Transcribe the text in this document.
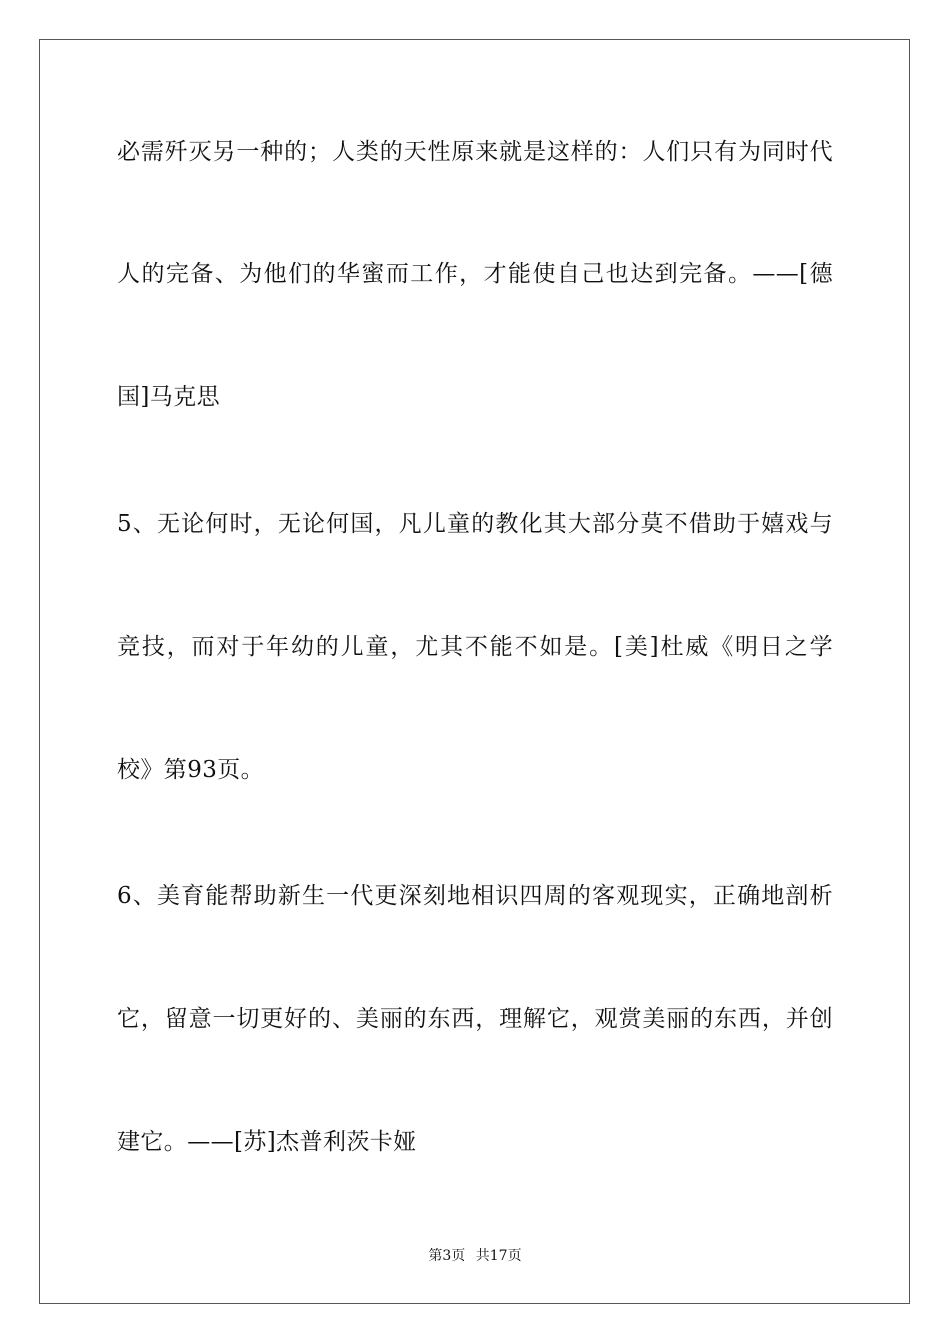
必需歼灭另一种的；人类的天性原来就是这样的：人们只有为同时代
人的完备、为他们的华蜜而工作，才能使自己也达到完备。——[德
国]马克思
5、无论何时，无论何国，凡儿童的教化其大部分莫不借助于嬉戏与
竞技，而对于年幼的儿童，尤其不能不如是。[美]杜威《明日之学
校》第93页。
6、美育能帮助新生一代更深刻地相识四周的客观现实，正确地剖析
它，留意一切更好的、美丽的东西，理解它，观赏美丽的东西，并创
建它。——[苏]杰普利茨卡娅
第3页 共17页
